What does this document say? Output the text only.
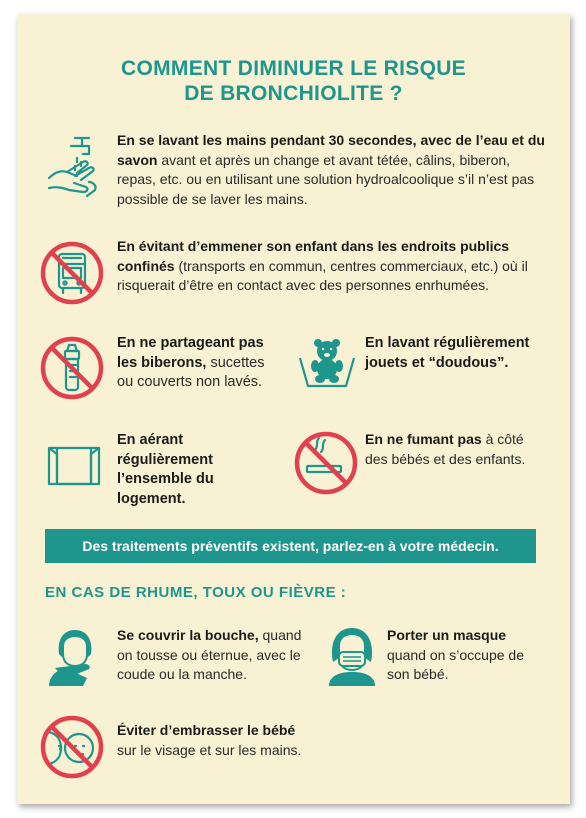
COMMENT DIMINUER LE RISQUE
DE BRONCHIOLITE ?
En se lavant les mains pendant 30 secondes, avec de l’eau et du savon avant et après un change et avant tétée, câlins, biberon, repas, etc. ou en utilisant une solution hydroalcoolique s’il n’est pas possible de se laver les mains.
En évitant d’emmener son enfant dans les endroits publics confinés (transports en commun, centres commerciaux, etc.) où il risquerait d’être en contact avec des personnes enrhumées.
En ne partageant pas les biberons, sucettes ou couverts non lavés.
En lavant régulièrement jouets et “doudous”.
En aérant régulièrement l’ensemble du logement.
En ne fumant pas à côté des bébés et des enfants.
Des traitements préventifs existent, parlez-en à votre médecin.
EN CAS DE RHUME, TOUX OU FIÈVRE :
Se couvrir la bouche, quand on tousse ou éternue, avec le coude ou la manche.
Porter un masque quand on s’occupe de son bébé.
Éviter d’embrasser le bébé sur le visage et sur les mains.
